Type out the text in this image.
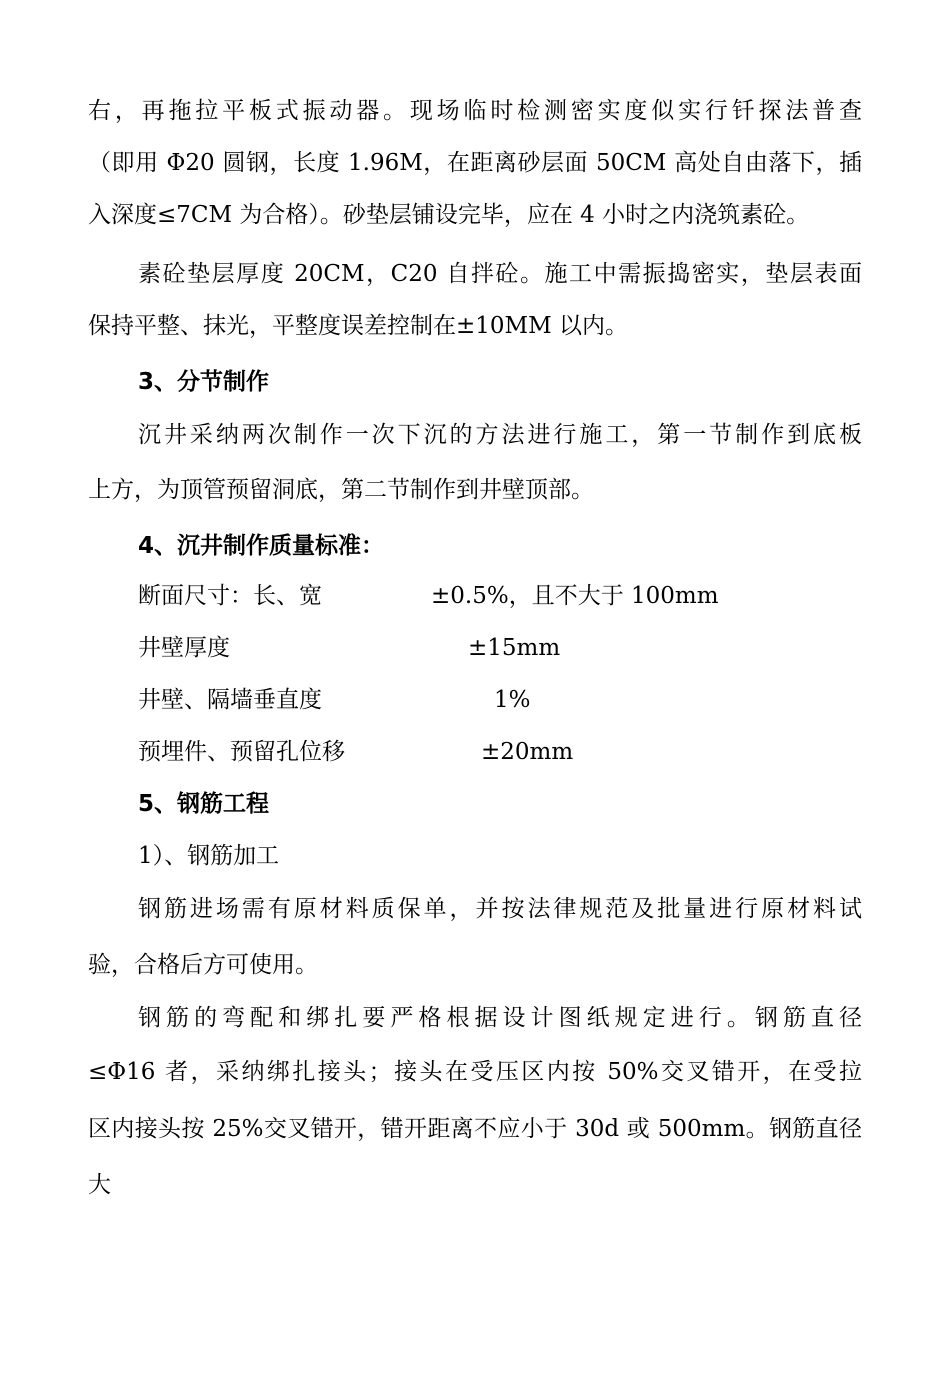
右，再拖拉平板式振动器。现场临时检测密实度似实行钎探法普查
（即用 Φ20 圆钢，长度 1.96M，在距离砂层面 50CM 高处自由落下，插
入深度≤7CM 为合格）。砂垫层铺设完毕，应在 4 小时之内浇筑素砼。
素砼垫层厚度 20CM，C20 自拌砼。施工中需振捣密实，垫层表面
保持平整、抹光，平整度误差控制在±10MM 以内。
3、分节制作
沉井采纳两次制作一次下沉的方法进行施工，第一节制作到底板
上方，为顶管预留洞底，第二节制作到井壁顶部。
4、沉井制作质量标准：
断面尺寸：长、宽	±0.5%，且不大于 100mm
井壁厚度	±15mm
井壁、隔墙垂直度	1%
预埋件、预留孔位移	±20mm
5、钢筋工程
1）、钢筋加工
钢筋进场需有原材料质保单，并按法律规范及批量进行原材料试
验，合格后方可使用。
钢筋的弯配和绑扎要严格根据设计图纸规定进行。钢筋直径
≤Φ16 者，采纳绑扎接头；接头在受压区内按 50%交叉错开，在受拉
区内接头按 25%交叉错开，错开距离不应小于 30d 或 500mm。钢筋直径
大
